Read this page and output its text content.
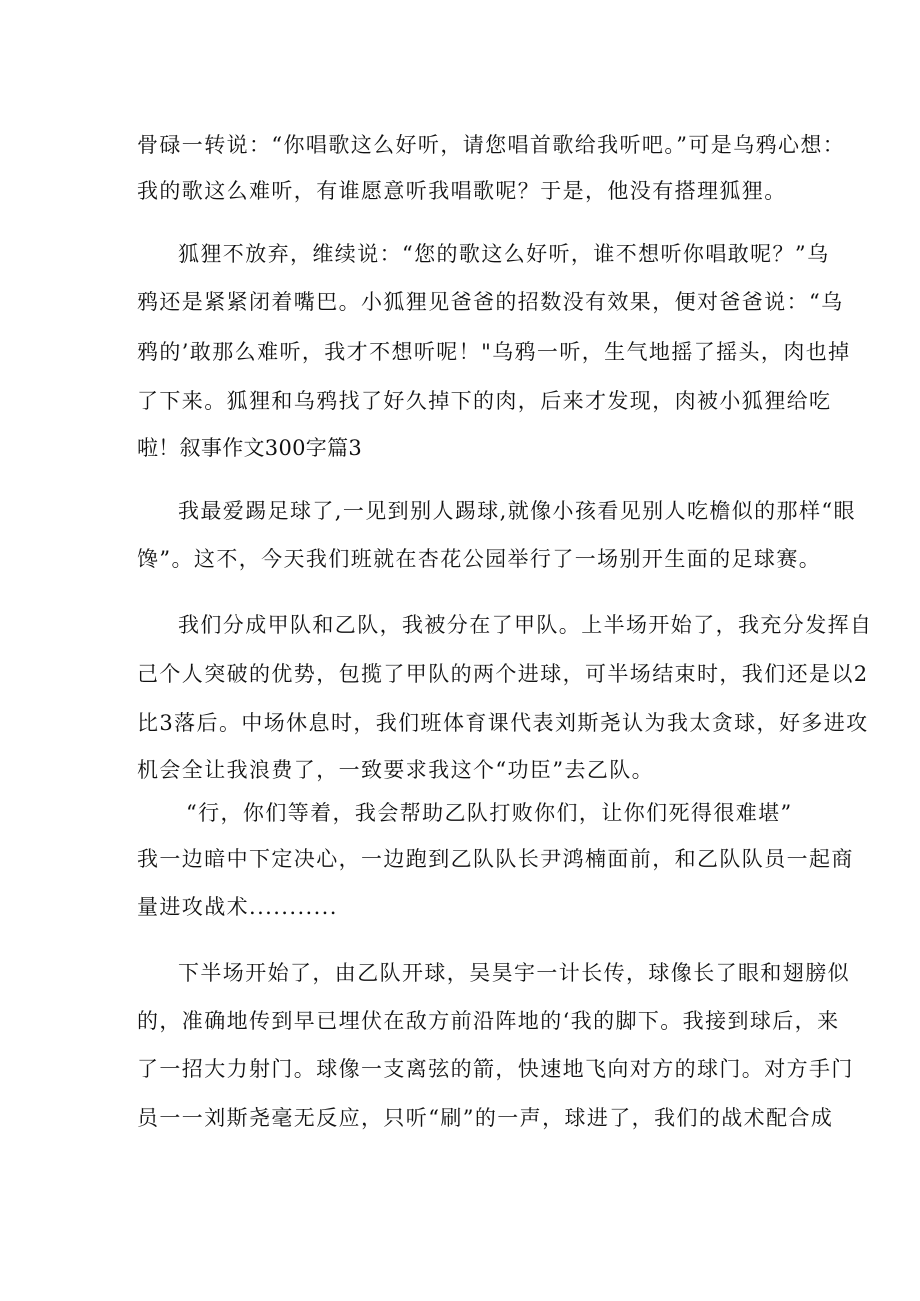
骨碌一转说：“你唱歌这么好听，请您唱首歌给我听吧。”可是乌鸦心想：
我的歌这么难听，有谁愿意听我唱歌呢？于是，他没有搭理狐狸。
狐狸不放弃，维续说：“您的歌这么好听，谁不想听你唱敢呢？”乌
鸦还是紧紧闭着嘴巴。小狐狸见爸爸的招数没有效果，便对爸爸说：“乌
鸦的’敢那么难听，我才不想听呢！"乌鸦一听，生气地摇了摇头，肉也掉
了下来。狐狸和乌鸦找了好久掉下的肉，后来才发现，肉被小狐狸给吃
啦！叙事作文300字篇3
我最爱踢足球了,一见到别人踢球,就像小孩看见别人吃檐似的那样“眼
馋”。这不，今天我们班就在杏花公园举行了一场别开生面的足球赛。
我们分成甲队和乙队，我被分在了甲队。上半场开始了，我充分发挥自
己个人突破的优势，包揽了甲队的两个进球，可半场结束时，我们还是以2
比3落后。中场休息时，我们班体育课代表刘斯尧认为我太贪球，好多进攻
机会全让我浪费了，一致要求我这个“功臣”去乙队。
“行，你们等着，我会帮助乙队打败你们，让你们死得很难堪”
我一边暗中下定决心，一边跑到乙队队长尹鸿楠面前，和乙队队员一起商
量进攻战术...........
下半场开始了，由乙队开球，吴昊宇一计长传，球像长了眼和翅膀似
的，准确地传到早已埋伏在敌方前沿阵地的‘我的脚下。我接到球后，来
了一招大力射门。球像一支离弦的箭，快速地飞向对方的球门。对方手门
员一一刘斯尧毫无反应，只听“刷”的一声，球进了，我们的战术配合成
